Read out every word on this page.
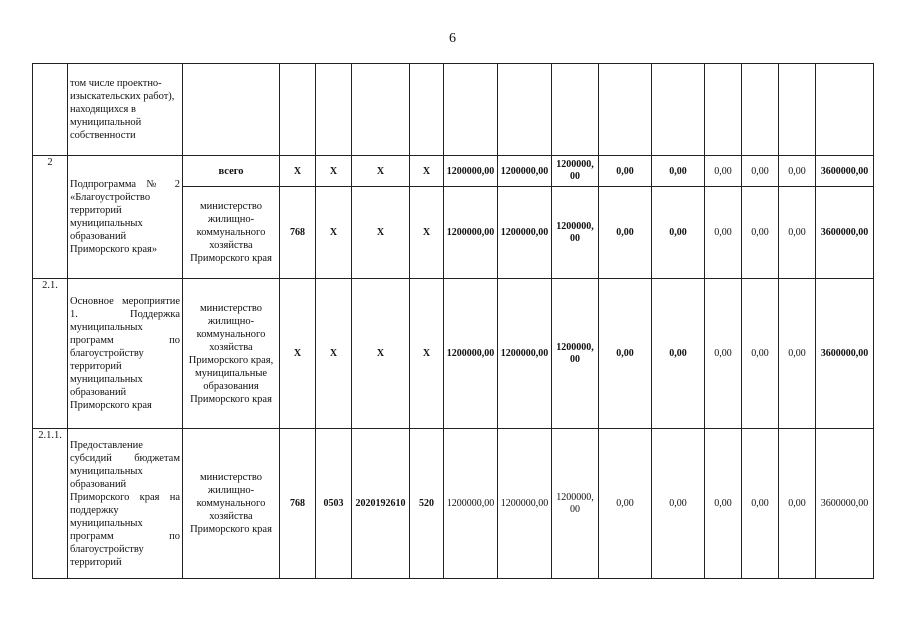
6
	том числе проектно-изыскательских работ), находящихся в муниципальной собственности														
2	Подпрограмма № 2 «Благоустройство территорий муниципальных образований Приморского края»	всего	X	X	X	X	1200000,00	1200000,00	1200000, 00	0,00	0,00	0,00	0,00	0,00	3600000,00
		министерство жилищно-коммунального хозяйства Приморского края	768	X	X	X	1200000,00	1200000,00	1200000, 00	0,00	0,00	0,00	0,00	0,00	3600000,00
2.1.	Основное мероприятие 1. Поддержка муниципальных программ по благоустройству территорий муниципальных образований Приморского края	министерство жилищно-коммунального хозяйства Приморского края, муниципальные образования Приморского края	X	X	X	X	1200000,00	1200000,00	1200000, 00	0,00	0,00	0,00	0,00	0,00	3600000,00
2.1.1.	Предоставление субсидий бюджетам муниципальных образований Приморского края на поддержку муниципальных программ по благоустройству территорий	министерство жилищно-коммунального хозяйства Приморского края	768	0503	2020192610	520	1200000,00	1200000,00	1200000, 00	0,00	0,00	0,00	0,00	0,00	3600000,00
